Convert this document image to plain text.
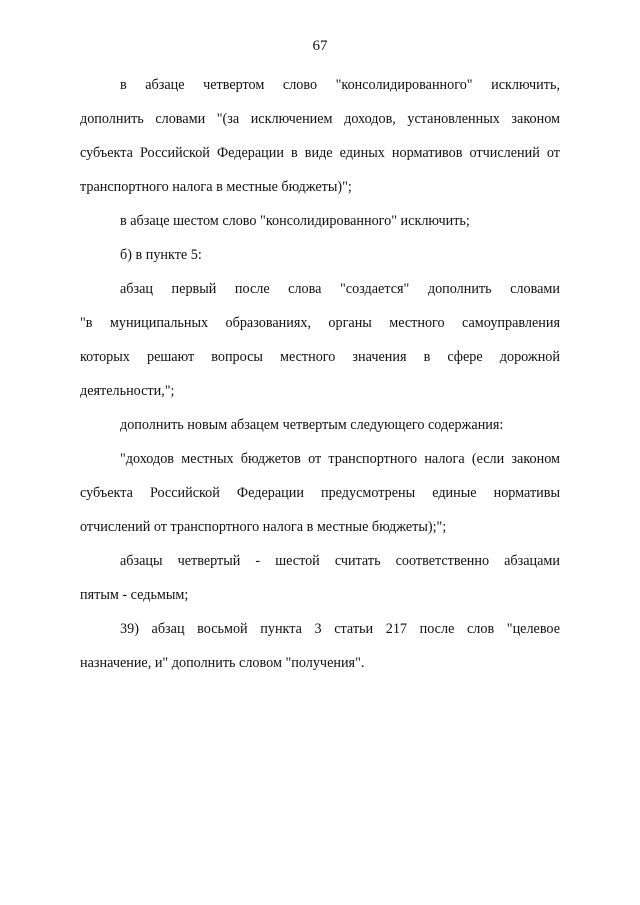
67

в абзаце четвертом слово "консолидированного" исключить,
дополнить словами "(за исключением доходов, установленных законом
субъекта Российской Федерации в виде единых нормативов отчислений от
транспортного налога в местные бюджеты)";

в абзаце шестом слово "консолидированного" исключить;

б) в пункте 5:

абзац первый после слова "создается" дополнить словами
"в муниципальных образованиях, органы местного самоуправления
которых решают вопросы местного значения в сфере дорожной
деятельности,";

дополнить новым абзацем четвертым следующего содержания:

"доходов местных бюджетов от транспортного налога (если законом
субъекта Российской Федерации предусмотрены единые нормативы
отчислений от транспортного налога в местные бюджеты);";

абзацы четвертый - шестой считать соответственно абзацами
пятым - седьмым;

39) абзац восьмой пункта 3 статьи 217 после слов "целевое
назначение, и" дополнить словом "получения".
